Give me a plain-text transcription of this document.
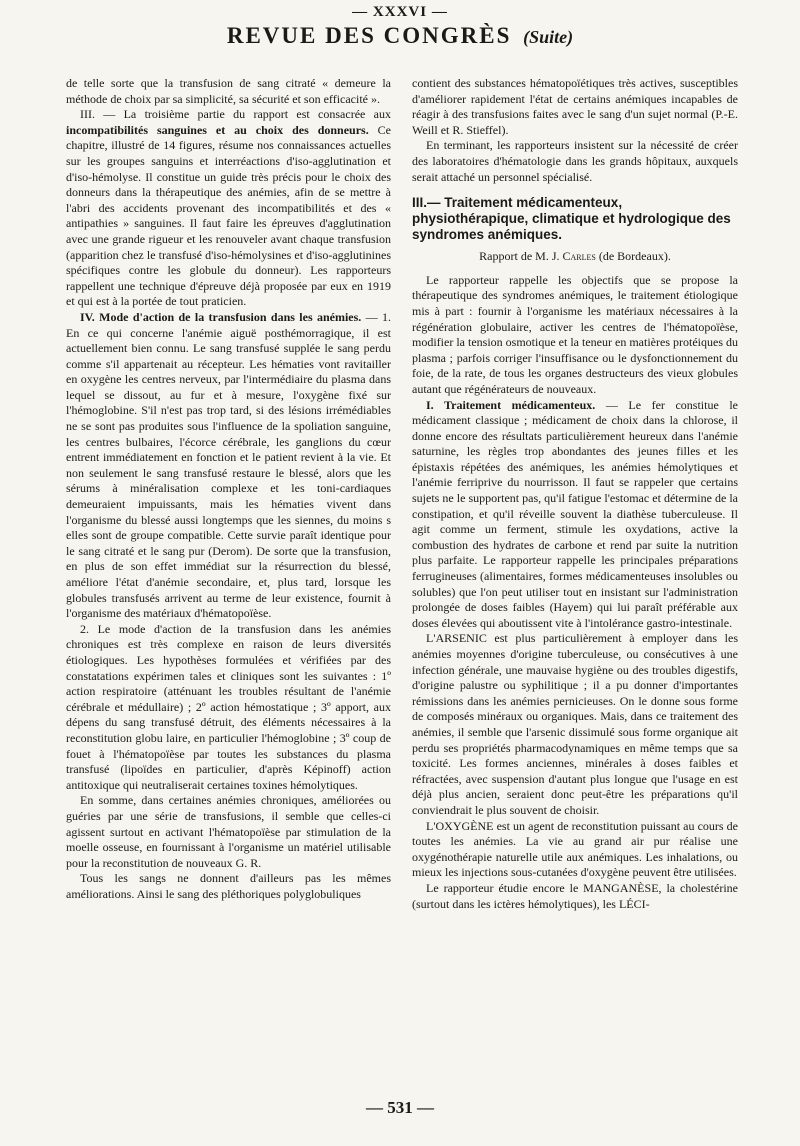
— XXXVI —
REVUE DES CONGRÈS (Suite)

de telle sorte que la transfusion de sang citraté « demeure la méthode de choix par sa simplicité, sa sécurité et son efficacité ».

III. — La troisième partie du rapport est consacrée aux incompatibilités sanguines et au choix des donneurs. Ce chapitre, illustré de 14 figures, résume nos connaissances actuelles sur les groupes sanguins et interréactions d'iso-agglutination et d'iso-hémolyse. Il constitue un guide très précis pour le choix des donneurs dans la thérapeutique des anémies, afin de se mettre à l'abri des accidents provenant des incompatibilités et des « antipathies » sanguines. Il faut faire les épreuves d'agglutination avec une grande rigueur et les renouveler avant chaque transfusion (apparition chez le transfusé d'iso-hémolysines et d'iso-agglutinines spécifiques contre les globule du donneur). Les rapporteurs rappellent une technique d'épreuve déjà proposée par eux en 1919 et qui est à la portée de tout praticien.

IV. Mode d'action de la transfusion dans les anémies. — 1. En ce qui concerne l'anémie aiguë posthémorragique, il est actuellement bien connu. Le sang transfusé supplée le sang perdu comme s'il appartenait au récepteur. Les hématies vont ravitailler en oxygène les centres nerveux, par l'intermédiaire du plasma dans lequel se dissout, au fur et à mesure, l'oxygène fixé sur l'hémoglobine. S'il n'est pas trop tard, si des lésions irrémédiables ne se sont pas produites sous l'influence de la spoliation sanguine, les centres bulbaires, l'écorce cérébrale, les ganglions du cœur entrent immédiatement en fonction et le patient revient à la vie. Et non seulement le sang transfusé restaure le blessé, alors que les sérums à minéralisation complexe et les toni-cardiaques demeuraient impuissants, mais les hématies vivent dans l'organisme du blessé aussi longtemps que les siennes, du moins s elles sont de groupe compatible. Cette survie paraît identique pour le sang citraté et le sang pur (Derom). De sorte que la transfusion, en plus de son effet immédiat sur la résurrection du blessé, améliore l'état d'anémie secondaire, et, plus tard, lorsque les globules transfusés arrivent au terme de leur existence, fournit à l'organisme des matériaux d'hématopoïèse.

2. Le mode d'action de la transfusion dans les anémies chroniques est très complexe en raison de leurs diversités étiologiques. Les hypothèses formulées et vérifiées par des constatations expérimen tales et cliniques sont les suivantes : 1º action respiratoire (atténuant les troubles résultant de l'anémie cérébrale et médullaire) ; 2º action hémostatique ; 3º apport, aux dépens du sang transfusé détruit, des éléments nécessaires à la reconstitution globu laire, en particulier l'hémoglobine ; 3º coup de fouet à l'hématopoïèse par toutes les substances du plasma transfusé (lipoïdes en particulier, d'après Képinoff) action antitoxique qui neutraliserait certaines toxines hémolytiques.

En somme, dans certaines anémies chroniques, améliorées ou guéries par une série de transfusions, il semble que celles-ci agissent surtout en activant l'hématopoïèse par stimulation de la moelle osseuse, en fournissant à l'organisme un matériel utilisable pour la reconstitution de nouveaux G. R.

Tous les sangs ne donnent d'ailleurs pas les mêmes améliorations. Ainsi le sang des pléthoriques polyglobuliques

contient des substances hématopoïétiques très actives, susceptibles d'améliorer rapidement l'état de certains anémiques incapables de réagir à des transfusions faites avec le sang d'un sujet normal (P.-E. Weill et R. Stieffel).

En terminant, les rapporteurs insistent sur la nécessité de créer des laboratoires d'hématologie dans les grands hôpitaux, auxquels serait attaché un personnel spécialisé.

III.— Traitement médicamenteux, physiothérapique, climatique et hydrologique des syndromes anémiques.
Rapport de M. J. Carles (de Bordeaux).

Le rapporteur rappelle les objectifs que se propose la thérapeutique des syndromes anémiques, le traitement étiologique mis à part : fournir à l'organisme les matériaux nécessaires à la régénération globulaire, activer les centres de l'hématopoïèse, modifier la tension osmotique et la teneur en matières protéiques du plasma ; parfois corriger l'insuffisance ou le dysfonctionnement du foie, de la rate, de tous les organes destructeurs des vieux globules autant que régénérateurs de nouveaux.

I. Traitement médicamenteux. — Le fer constitue le médicament classique ; médicament de choix dans la chlorose, il donne encore des résultats particulièrement heureux dans l'anémie saturnine, les règles trop abondantes des jeunes filles et les épistaxis répétées des anémiques, les anémies hémolytiques et l'anémie ferriprive du nourrisson. Il faut se rappeler que certains sujets ne le supportent pas, qu'il fatigue l'estomac et détermine de la constipation, et qu'il réveille souvent la diathèse tuberculeuse. Il agit comme un ferment, stimule les oxydations, active la combustion des hydrates de carbone et rend par suite la nutrition plus parfaite. Le rapporteur rappelle les principales préparations ferrugineuses (alimentaires, formes médicamenteuses insolubles ou solubles) que l'on peut utiliser tout en insistant sur l'administration prolongée de doses faibles (Hayem) qui lui paraît préférable aux doses élevées qui aboutissent vite à l'intolérance gastro-intestinale.

L'ARSENIC est plus particulièrement à employer dans les anémies moyennes d'origine tuberculeuse, ou consécutives à une infection générale, une mauvaise hygiène ou des troubles digestifs, d'origine palustre ou syphilitique ; il a pu donner d'importantes rémissions dans les anémies pernicieuses. On le donne sous forme de composés minéraux ou organiques. Mais, dans ce traitement des anémies, il semble que l'arsenic dissimulé sous forme organique ait perdu ses propriétés pharmacodynamiques en même temps que sa toxicité. Les formes anciennes, minérales à doses faibles et réfractées, avec suspension d'autant plus longue que l'usage en est déjà plus ancien, seraient donc peut-être les préparations qu'il conviendrait le plus souvent de choisir.

L'OXYGÈNE est un agent de reconstitution puissant au cours de toutes les anémies. La vie au grand air pur réalise une oxygénothérapie naturelle utile aux anémiques. Les inhalations, ou mieux les injections sous-cutanées d'oxygène peuvent être utilisées.

Le rapporteur étudie encore le MANGANÈSE, la cholestérine (surtout dans les ictères hémolytiques), les LÉCI-

— 531 —
